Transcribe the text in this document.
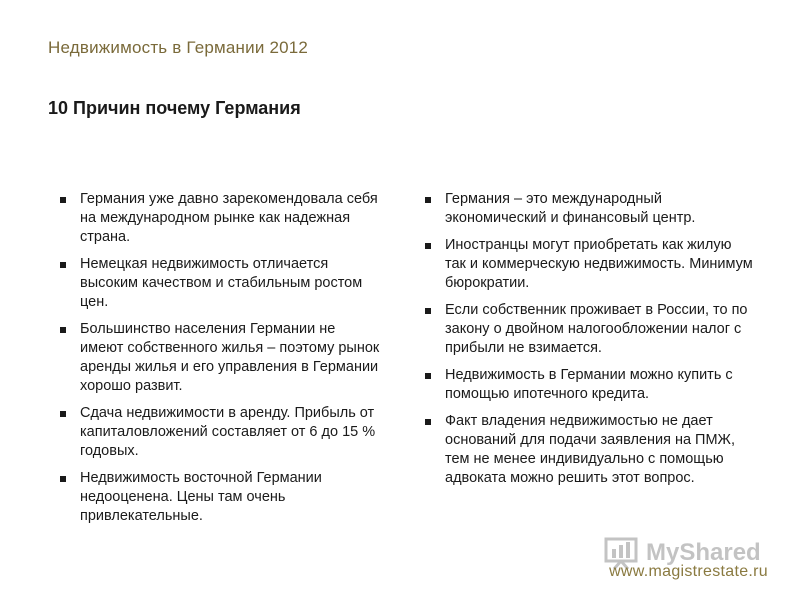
Недвижимость в Германии 2012
10 Причин почему Германия
Германия уже давно зарекомендовала себя на международном рынке как надежная страна.
Немецкая недвижимость отличается высоким качеством и стабильным ростом цен.
Большинство населения Германии не имеют собственного жилья – поэтому рынок аренды жилья и его управления в Германии хорошо развит.
Сдача недвижимости в аренду. Прибыль от капиталовложений составляет от 6 до 15 % годовых.
Недвижимость восточной Германии недооценена. Цены там очень привлекательные.
Германия – это международный экономический и финансовый центр.
Иностранцы могут приобретать как жилую так и коммерческую недвижимость. Минимум бюрократии.
Если собственник проживает в России, то по закону о двойном налогообложении налог с прибыли не взимается.
Недвижимость в Германии можно купить с помощью ипотечного кредита.
Факт владения недвижимостью не дает оснований для подачи заявления на ПМЖ, тем не менее индивидуально с помощью адвоката можно решить этот вопрос.
MyShared
www.magistrestate.ru
